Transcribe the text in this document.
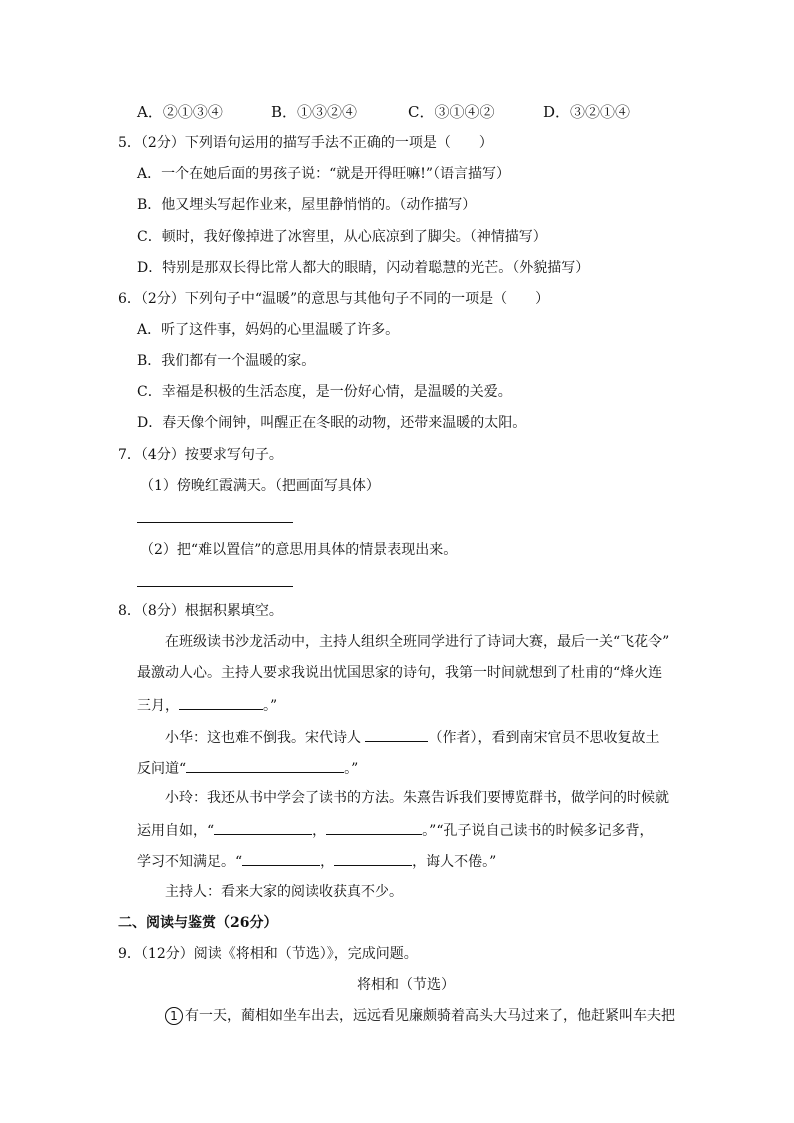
A．②①③④	B．①③②④	C．③①④②	D．③②①④
5．（2分）下列语句运用的描写手法不正确的一项是（　　）
A．一个在她后面的男孩子说：“就是开得旺嘛!”（语言描写）
B．他又埋头写起作业来，屋里静悄悄的。（动作描写）
C．顿时，我好像掉进了冰窖里，从心底凉到了脚尖。（神情描写）
D．特别是那双长得比常人都大的眼睛，闪动着聪慧的光芒。（外貌描写）
6．（2分）下列句子中“温暖”的意思与其他句子不同的一项是（　　）
A．听了这件事，妈妈的心里温暖了许多。
B．我们都有一个温暖的家。
C．幸福是积极的生活态度，是一份好心情，是温暖的关爱。
D．春天像个闹钟，叫醒正在冬眠的动物，还带来温暖的太阳。
7．（4分）按要求写句子。
（1）傍晚红霞满天。（把画面写具体）
（2）把“难以置信”的意思用具体的情景表现出来。
8．（8分）根据积累填空。
在班级读书沙龙活动中，主持人组织全班同学进行了诗词大赛，最后一关“飞花令”
最激动人心。主持人要求我说出忧国思家的诗句，我第一时间就想到了杜甫的“烽火连
三月，	。”
小华：这也难不倒我。宋代诗人	（作者），看到南宋官员不思收复故土
反问道“	。”
小玲：我还从书中学会了读书的方法。朱熹告诉我们要博览群书，做学问的时候就
运用自如，“	，	。”“孔子说自己读书的时候多记多背，
学习不知满足。“	，	，诲人不倦。”
主持人：看来大家的阅读收获真不少。
二、阅读与鉴赏（26分）
9．（12分）阅读《将相和（节选）》，完成问题。
将相和（节选）
1 有一天，蔺相如坐车出去，远远看见廉颇骑着高头大马过来了，他赶紧叫车夫把
